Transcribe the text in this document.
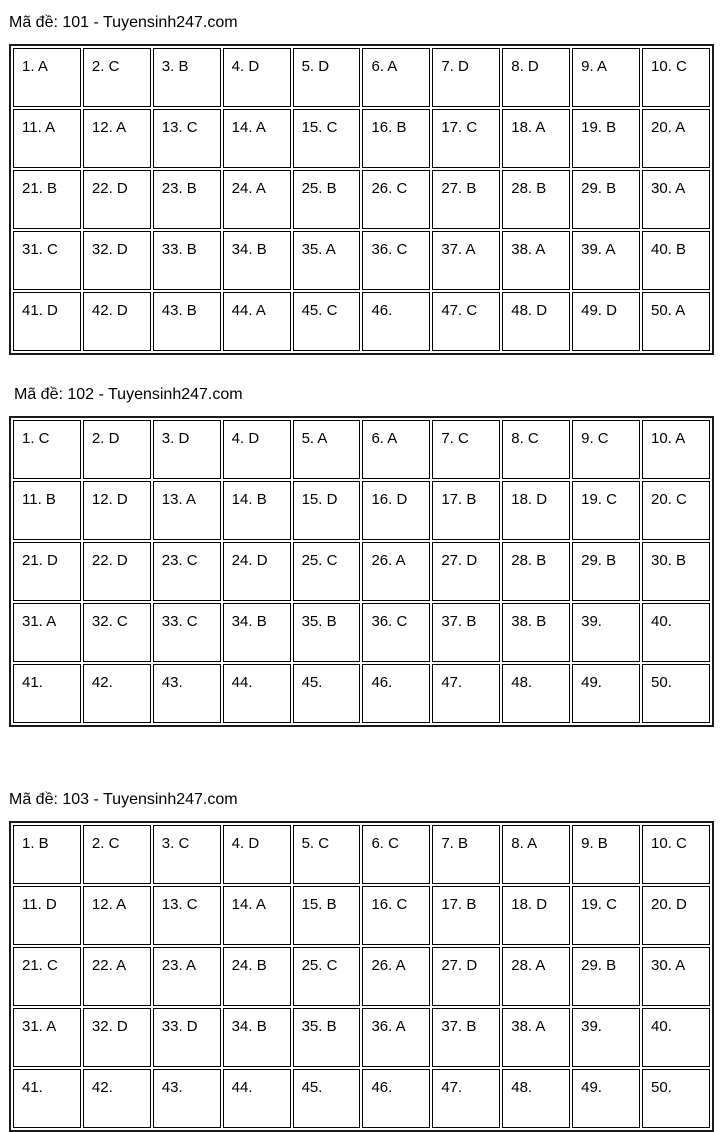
Mã đề: 101 - Tuyensinh247.com
1. A	2. C	3. B	4. D	5. D	6. A	7. D	8. D	9. A	10. C
11. A	12. A	13. C	14. A	15. C	16. B	17. C	18. A	19. B	20. A
21. B	22. D	23. B	24. A	25. B	26. C	27. B	28. B	29. B	30. A
31. C	32. D	33. B	34. B	35. A	36. C	37. A	38. A	39. A	40. B
41. D	42. D	43. B	44. A	45. C	46.	47. C	48. D	49. D	50. A
Mã đề: 102 - Tuyensinh247.com
1. C	2. D	3. D	4. D	5. A	6. A	7. C	8. C	9. C	10. A
11. B	12. D	13. A	14. B	15. D	16. D	17. B	18. D	19. C	20. C
21. D	22. D	23. C	24. D	25. C	26. A	27. D	28. B	29. B	30. B
31. A	32. C	33. C	34. B	35. B	36. C	37. B	38. B	39.	40.
41.	42.	43.	44.	45.	46.	47.	48.	49.	50.
Mã đề: 103 - Tuyensinh247.com
1. B	2. C	3. C	4. D	5. C	6. C	7. B	8. A	9. B	10. C
11. D	12. A	13. C	14. A	15. B	16. C	17. B	18. D	19. C	20. D
21. C	22. A	23. A	24. B	25. C	26. A	27. D	28. A	29. B	30. A
31. A	32. D	33. D	34. B	35. B	36. A	37. B	38. A	39.	40.
41.	42.	43.	44.	45.	46.	47.	48.	49.	50.
